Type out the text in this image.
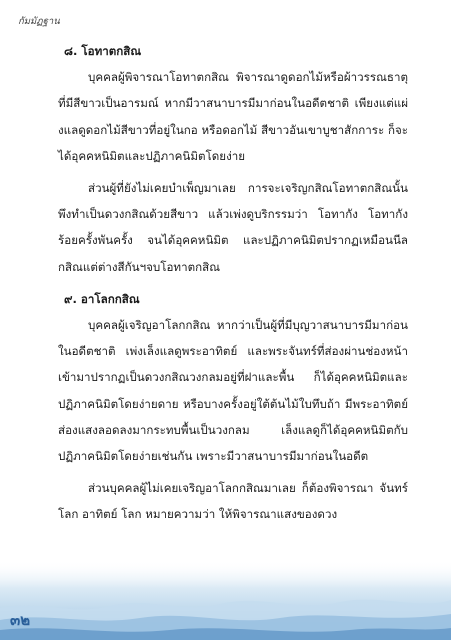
กัมมัฏฐาน
๘. โอทาตกสิณ

บุคคลผู้พิจารณาโอทาตกสิณ พิจารณาดูดอกไม้หรือผ้าวรรณธาตุที่มีสีขาวเป็นอารมณ์ หากมีวาสนาบารมีมาก่อนในอดีตชาติ เพียงแต่แผ่งแลดูดอกไม้สีขาวที่อยู่ในกอ หรือดอกไม้ สีขาวอันเขาบูชาสักการะ ก็จะได้อุคคหนิมิตและปฏิภาคนิมิตโดยง่าย

ส่วนผู้ที่ยังไม่เคยบำเพ็ญมาเลย การจะเจริญกสิณโอทาตกสิณนั้น พึงทำเป็นดวงกสิณด้วยสีขาว แล้วเพ่งดูบริกรรมว่า โอทากัง โอทากัง ร้อยครั้งพันครั้ง จนได้อุคคหนิมิต และปฏิภาคนิมิตปรากฏเหมือนนีลกสิณแต่ต่างสีกันฯจบโอทาตกสิณ

๙. อาโลกกสิณ

บุคคลผู้เจริญอาโลกกสิณ หากว่าเป็นผู้ที่มีบุญวาสนาบารมีมาก่อนในอดีตชาติ เพ่งเล็งแลดูพระอาทิตย์ และพระจันทร์ที่ส่องผ่านช่องหน้า เข้ามาปรากฏเป็นดวงกสิณวงกลมอยู่ที่ฝาและพื้น ก็ได้อุคคหนิมิตและปฏิภาคนิมิตโดยง่ายดาย หรือบางครั้งอยู่ใต้ต้นไม้ใบทึบถ้า มีพระอาทิตย์ส่องแสงลอดลงมากระทบพื้นเป็นวงกลม เล็งแลดูก็ได้อุคคหนิมิตกับปฏิภาคนิมิตโดยง่ายเช่นกัน เพราะมีวาสนาบารมีมาก่อนในอดีต

ส่วนบุคคลผู้ไม่เคยเจริญอาโลกกสิณมาเลย ก็ต้องพิจารณา จันทร์ โลก อาทิตย์ โลก หมายความว่า ให้พิจารณาแสงของดวง

๓๒
